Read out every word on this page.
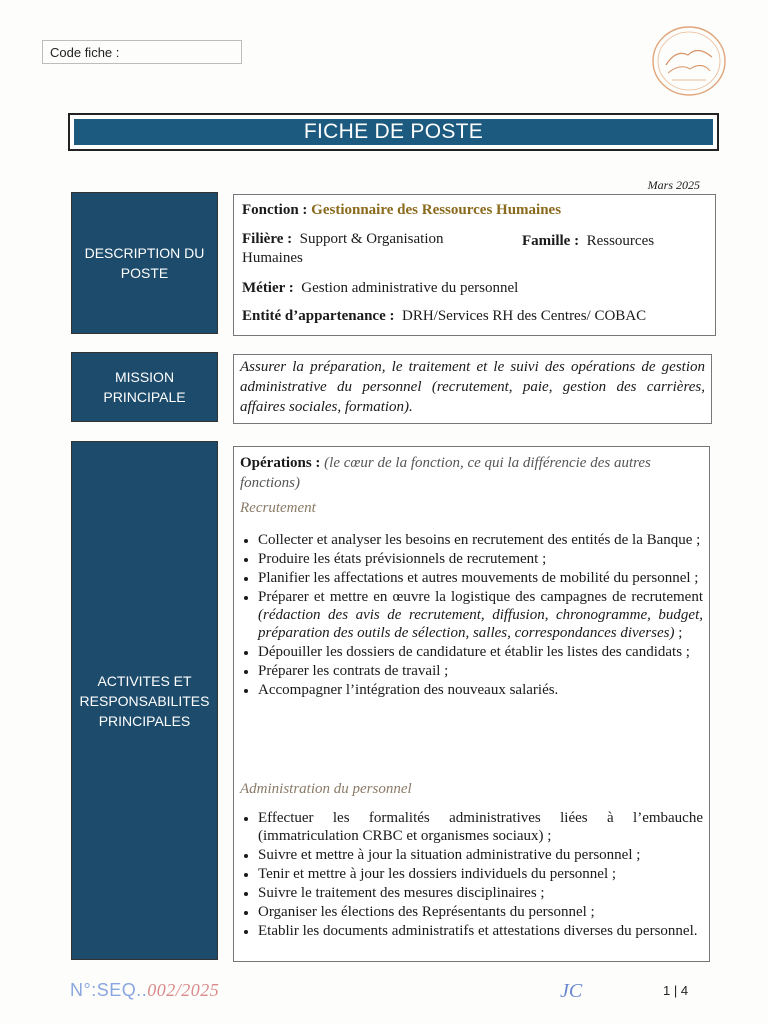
Code fiche :
FICHE DE POSTE
Mars 2025
DESCRIPTION DU POSTE
Fonction : Gestionnaire des Ressources Humaines
Filière : Support & Organisation
Humaines
Famille : Ressources
Métier : Gestion administrative du personnel
Entité d’appartenance : DRH/Services RH des Centres/ COBAC
MISSION PRINCIPALE
Assurer la préparation, le traitement et le suivi des opérations de gestion administrative du personnel (recrutement, paie, gestion des carrières, affaires sociales, formation).
ACTIVITES ET RESPONSABILITES PRINCIPALES
Opérations : (le cœur de la fonction, ce qui la différencie des autres fonctions)
Recrutement
• Collecter et analyser les besoins en recrutement des entités de la Banque ;
• Produire les états prévisionnels de recrutement ;
• Planifier les affectations et autres mouvements de mobilité du personnel ;
• Préparer et mettre en œuvre la logistique des campagnes de recrutement (rédaction des avis de recrutement, diffusion, chronogramme, budget, préparation des outils de sélection, salles, correspondances diverses) ;
• Dépouiller les dossiers de candidature et établir les listes des candidats ;
• Préparer les contrats de travail ;
• Accompagner l’intégration des nouveaux salariés.
Administration du personnel
• Effectuer les formalités administratives liées à l’embauche (immatriculation CRBC et organismes sociaux) ;
• Suivre et mettre à jour la situation administrative du personnel ;
• Tenir et mettre à jour les dossiers individuels du personnel ;
• Suivre le traitement des mesures disciplinaires ;
• Organiser les élections des Représentants du personnel ;
• Etablir les documents administratifs et attestations diverses du personnel.
N°:SEQ..002/2025	JC	1 | 4
